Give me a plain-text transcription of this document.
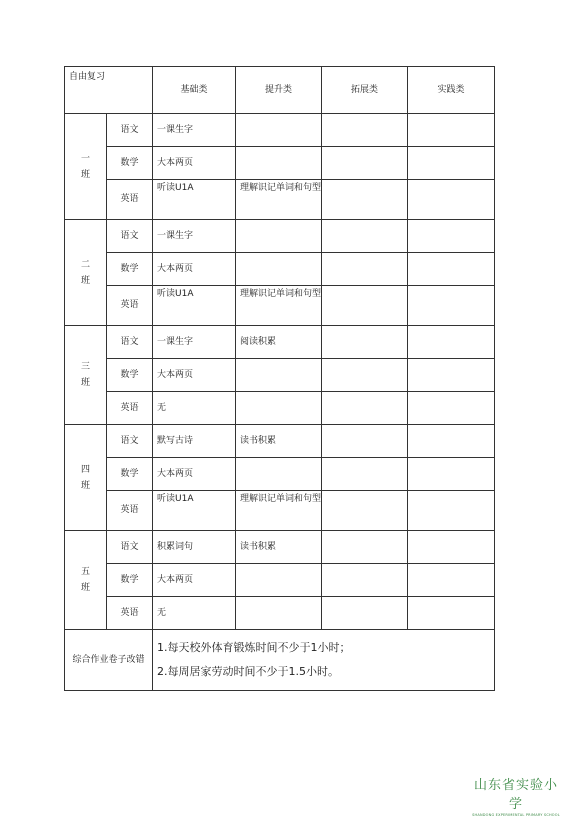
自由复习		基础类	提升类	拓展类	实践类

一
班	语文	一课生字			
	数学	大本两页			
	英语	听读U1A	理解识记单词和句型		

二
班	语文	一课生字			
	数学	大本两页			
	英语	听读U1A	理解识记单词和句型		

三
班	语文	一课生字	阅读积累		
	数学	大本两页			
	英语	无			

四
班	语文	默写古诗	读书积累		
	数学	大本两页			
	英语	听读U1A	理解识记单词和句型		

五
班	语文	积累词句	读书积累		
	数学	大本两页			
	英语	无			
综合作业卷子改错		1.每天校外体育锻炼时间不少于1小时；
2.每周居家劳动时间不少于1.5小时。			
山东省实验小学
SHANDONG EXPERIMENTAL PRIMARY SCHOOL
